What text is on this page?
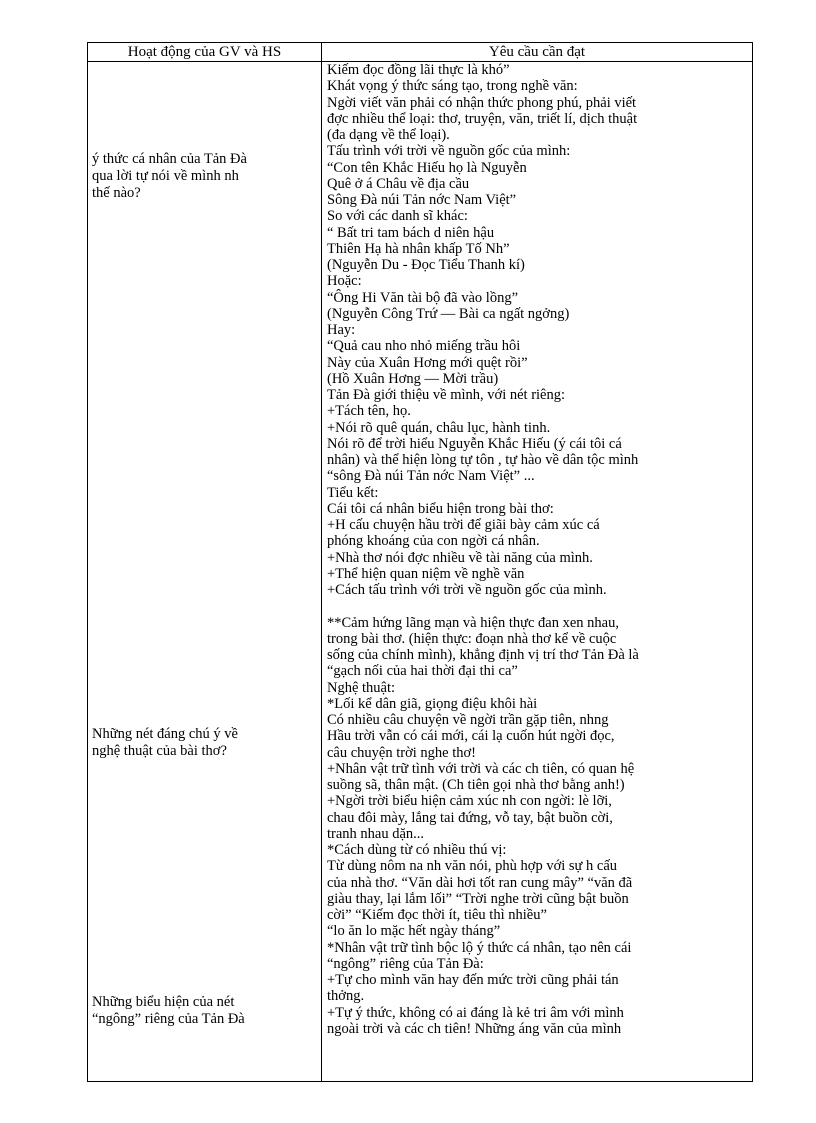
Hoạt động của GV và HS	Yêu cầu cần đạt
ý thức cá nhân của Tản Đà
qua lời tự nói về mình nh
thế nào?
Những nét đáng chú ý về
nghệ thuật của bài thơ?
Những biểu hiện của nét
“ngông” riêng của Tản Đà
Kiếm đọc đồng lãi thực là khó”
Khát vọng ý thức sáng tạo, trong nghề văn:
Ngời viết văn phải có nhận thức phong phú, phải viết
đợc nhiều thể loại: thơ, truyện, văn, triết lí, dịch thuật
(đa dạng về thể loại).
Tấu trình với trời về nguồn gốc của mình:
“Con tên Khắc Hiếu họ là Nguyễn
Quê ở á Châu về địa cầu
Sông Đà núi Tản nớc Nam Việt”
So với các danh sĩ khác:
“ Bất tri tam bách d niên hậu
Thiên Hạ hà nhân khấp Tố Nh”
(Nguyễn Du - Đọc Tiểu Thanh kí)
Hoặc:
“Ông Hi Văn tài bộ đã vào lồng”
(Nguyễn Công Trứ — Bài ca ngất ngởng)
Hay:
“Quả cau nho nhỏ miếng trầu hôi
Này của Xuân Hơng mới quệt rồi”
(Hồ Xuân Hơng — Mời trầu)
Tản Đà giới thiệu về mình, với nét riêng:
+Tách tên, họ.
+Nói rõ quê quán, châu lục, hành tinh.
Nói rõ để trời hiểu Nguyễn Khắc Hiếu (ý cái tôi cá
nhân) và thể hiện lòng tự tôn , tự hào về dân tộc mình
“sông Đà núi Tản nớc Nam Việt” ...
Tiểu kết:
Cái tôi cá nhân biểu hiện trong bài thơ:
+H cấu chuyện hầu trời để giãi bày cảm xúc cá
phóng khoáng của con ngời cá nhân.
+Nhà thơ nói đợc nhiều về tài năng của mình.
+Thể hiện quan niệm về nghề văn
+Cách tấu trình với trời về nguồn gốc của mình.
**Cảm hứng lãng mạn và hiện thực đan xen nhau,
trong bài thơ. (hiện thực: đoạn nhà thơ kể về cuộc
sống của chính mình), khẳng định vị trí thơ Tản Đà là
“gạch nối của hai thời đại thi ca”
Nghệ thuật:
*Lối kể dân giã, giọng điệu khôi hài
Có nhiều câu chuyện về ngời trần gặp tiên, nhng
Hầu trời vẫn có cái mới, cái lạ cuốn hút ngời đọc,
câu chuyện trời nghe thơ!
+Nhân vật trữ tình với trời và các ch tiên, có quan hệ
suồng sã, thân mật. (Ch tiên gọi nhà thơ bằng anh!)
+Ngời trời biểu hiện cảm xúc nh con ngời: lè lỡi,
chau đôi mày, lắng tai đứng, vỗ tay, bật buồn cời,
tranh nhau dặn...
*Cách dùng từ có nhiều thú vị:
Từ dùng nôm na nh văn nói, phù hợp với sự h cấu
của nhà thơ. “Văn dài hơi tốt ran cung mây” “văn đã
giàu thay, lại lắm lối” “Trời nghe trời cũng bật buồn
cời” “Kiếm đọc thời ít, tiêu thì nhiều”
“lo ăn lo mặc hết ngày tháng”
*Nhân vật trữ tình bộc lộ ý thức cá nhân, tạo nên cái
“ngông” riêng của Tản Đà:
+Tự cho mình văn hay đến mức trời cũng phải tán
thởng.
+Tự ý thức, không có ai đáng là kẻ tri âm với mình
ngoài trời và các ch tiên! Những áng văn của mình
